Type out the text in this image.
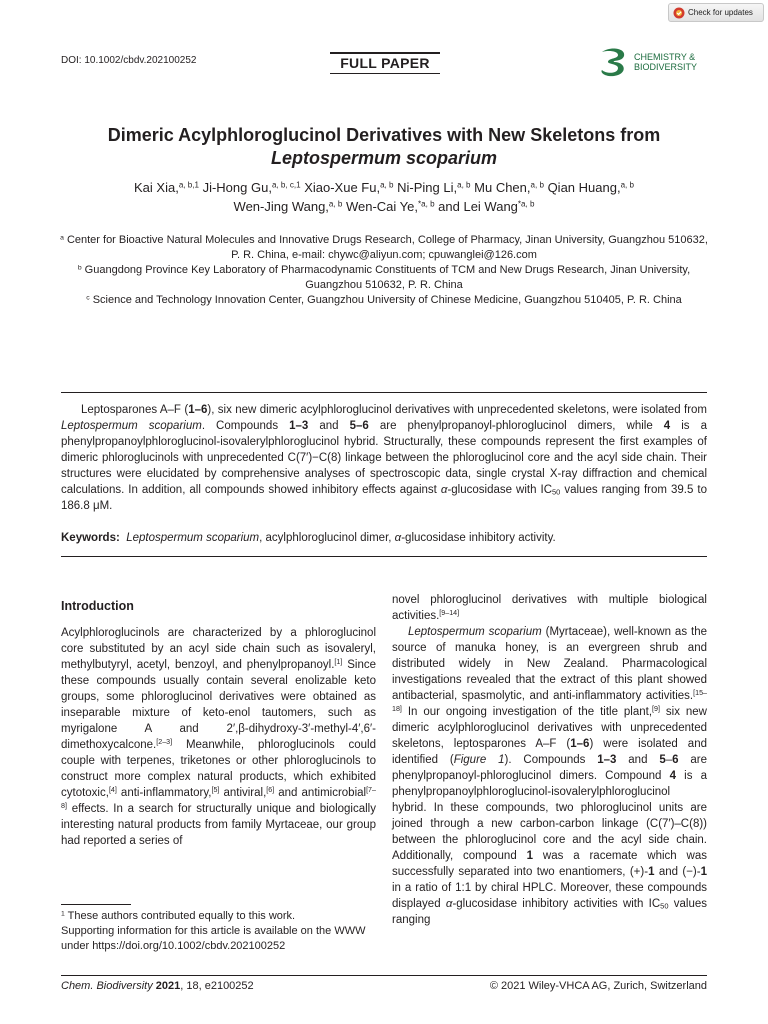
Check for updates
DOI: 10.1002/cbdv.202100252	FULL PAPER	CHEMISTRY &
BIODIVERSITY
Dimeric Acylphloroglucinol Derivatives with New Skeletons from
Leptospermum scoparium
Kai Xia,$^{a, b,1}$ Ji-Hong Gu,$^{a, b, c,1}$ Xiao-Xue Fu,$^{a, b}$ Ni-Ping Li,$^{a, b}$ Mu Chen,$^{a, b}$ Qian Huang,$^{a, b}$
Wen-Jing Wang,$^{a, b}$ Wen-Cai Ye,$^{*a, b}$ and Lei Wang$^{*a, b}$
$^a$ Center for Bioactive Natural Molecules and Innovative Drugs Research, College of Pharmacy, Jinan University, Guangzhou 510632, P. R. China, e-mail: chywc@aliyun.com; cpuwanglei@126.com
$^b$ Guangdong Province Key Laboratory of Pharmacodynamic Constituents of TCM and New Drugs Research, Jinan University, Guangzhou 510632, P. R. China
$^c$ Science and Technology Innovation Center, Guangzhou University of Chinese Medicine, Guangzhou 510405, P. R. China
Leptosparones A–F (1–6), six new dimeric acylphloroglucinol derivatives with unprecedented skeletons, were isolated from Leptospermum scoparium. Compounds 1–3 and 5–6 are phenylpropanoyl-phloroglucinol dimers, while 4 is a phenylpropanoylphloroglucinol-isovalerylphloroglucinol hybrid. Structurally, these compounds represent the first examples of dimeric phloroglucinols with unprecedented C(7′)−C(8) linkage between the phloroglucinol core and the acyl side chain. Their structures were elucidated by comprehensive analyses of spectroscopic data, single crystal X-ray diffraction and chemical calculations. In addition, all compounds showed inhibitory effects against α-glucosidase with $IC_{50}$ values ranging from 39.5 to 186.8 μM.
Keywords: Leptospermum scoparium, acylphloroglucinol dimer, α-glucosidase inhibitory activity.
Introduction

Acylphloroglucinols are characterized by a phloroglucinol core substituted by an acyl side chain such as isovaleryl, methylbutyryl, acetyl, benzoyl, and phenylpropanoyl.[1] Since these compounds usually contain several enolizable keto groups, some phloroglucinol derivatives were obtained as inseparable mixture of keto-enol tautomers, such as myrigalone A and 2′,β-dihydroxy-3′-methyl-4′,6′-dimethoxycalcone.[2–3] Meanwhile, phloroglucinols could couple with terpenes, triketones or other phloroglucinols to construct more complex natural products, which exhibited cytotoxic,[4] anti-inflammatory,[5] antiviral,[6] and antimicrobial[7–8] effects. In a search for structurally unique and biologically interesting natural products from family Myrtaceae, our group had reported a series of

novel phloroglucinol derivatives with multiple biological activities.[9–14]

Leptospermum scoparium (Myrtaceae), well-known as the source of manuka honey, is an evergreen shrub and distributed widely in New Zealand. Pharmacological investigations revealed that the extract of this plant showed antibacterial, spasmolytic, and anti-inflammatory activities.[15–18] In our ongoing investigation of the title plant,[9] six new dimeric acylphloroglucinol derivatives with unprecedented skeletons, leptosparones A–F (1–6) were isolated and identified (Figure 1). Compounds 1–3 and 5–6 are phenylpropanoyl-phloroglucinol dimers. Compound 4 is a phenylpropanoylphloroglucinol-isovalerylphloroglucinol hybrid. In these compounds, two phloroglucinol units are joined through a new carbon-carbon linkage (C(7′)–C(8)) between the phloroglucinol core and the acyl side chain. Additionally, compound 1 was a racemate which was successfully separated into two enantiomers, (+)-1 and (−)-1 in a ratio of 1:1 by chiral HPLC. Moreover, these compounds displayed α-glucosidase inhibitory activities with $IC_{50}$ values ranging

$^1$ These authors contributed equally to this work.
Supporting information for this article is available on the WWW under https://doi.org/10.1002/cbdv.202100252
Chem. Biodiversity 2021, 18, e2100252	© 2021 Wiley-VHCA AG, Zurich, Switzerland
